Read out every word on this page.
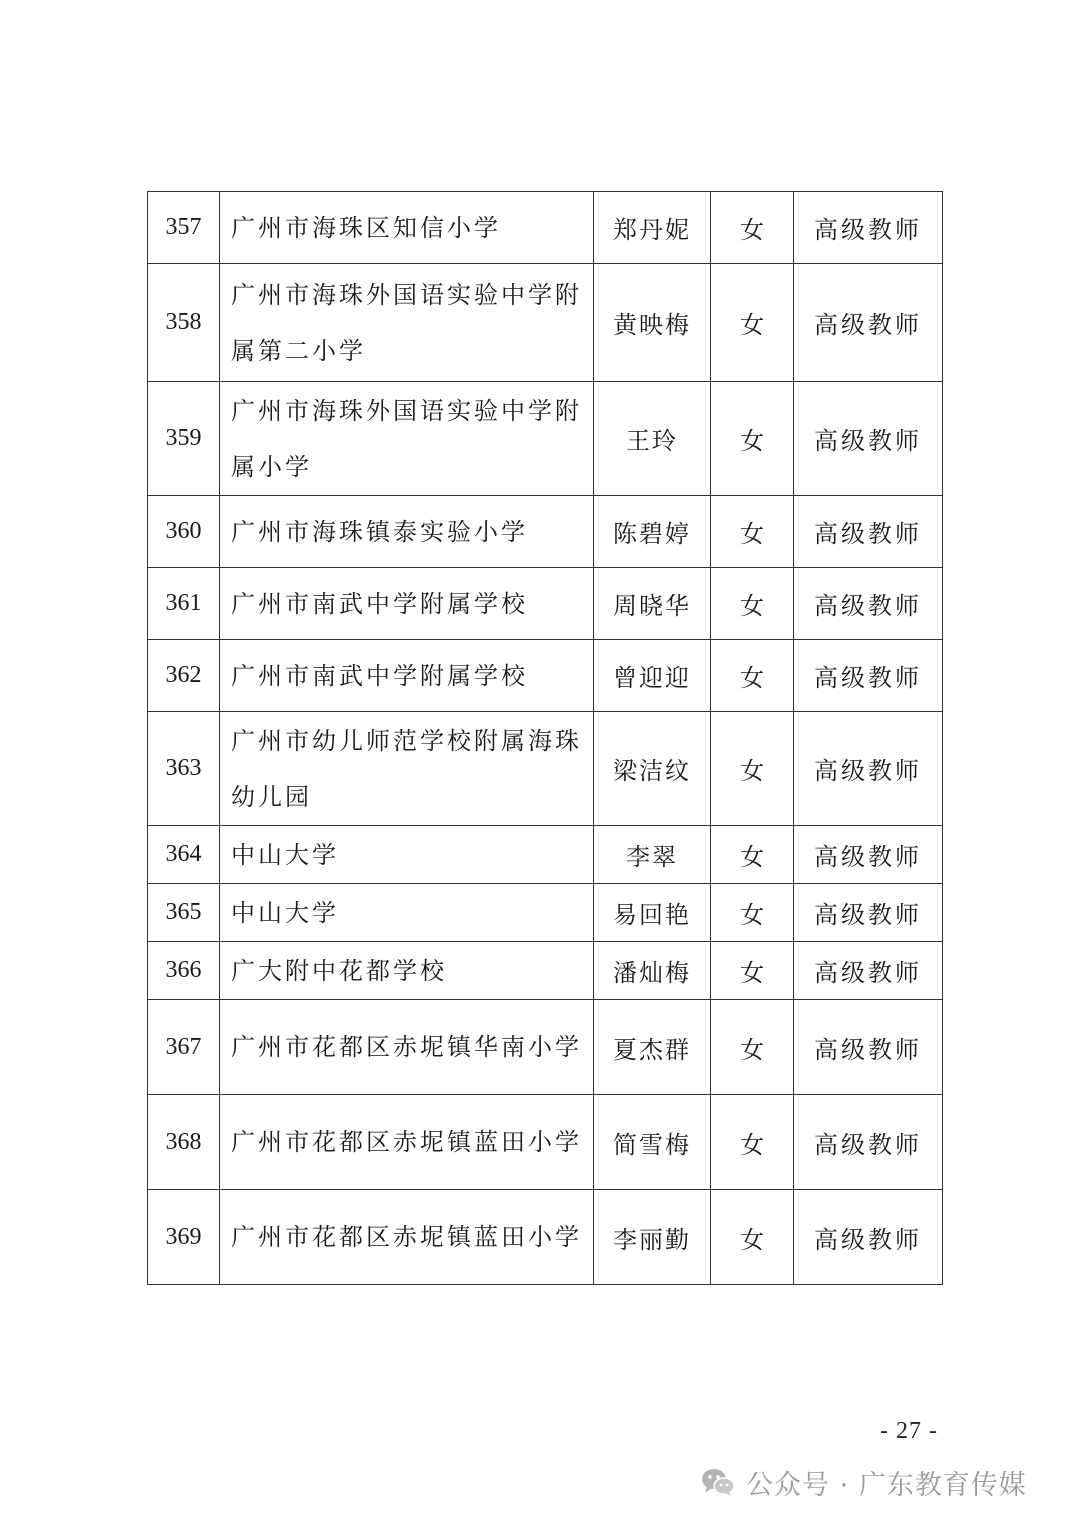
357	广州市海珠区知信小学	郑丹妮	女	高级教师
358	广州市海珠外国语实验中学附属第二小学	黄映梅	女	高级教师
359	广州市海珠外国语实验中学附属小学	王玲	女	高级教师
360	广州市海珠镇泰实验小学	陈碧婷	女	高级教师
361	广州市南武中学附属学校	周晓华	女	高级教师
362	广州市南武中学附属学校	曾迎迎	女	高级教师
363	广州市幼儿师范学校附属海珠幼儿园	梁洁纹	女	高级教师
364	中山大学	李翠	女	高级教师
365	中山大学	易回艳	女	高级教师
366	广大附中花都学校	潘灿梅	女	高级教师
367	广州市花都区赤坭镇华南小学	夏杰群	女	高级教师
368	广州市花都区赤坭镇蓝田小学	简雪梅	女	高级教师
369	广州市花都区赤坭镇蓝田小学	李丽勤	女	高级教师
- 27 -
公众号 · 广东教育传媒
